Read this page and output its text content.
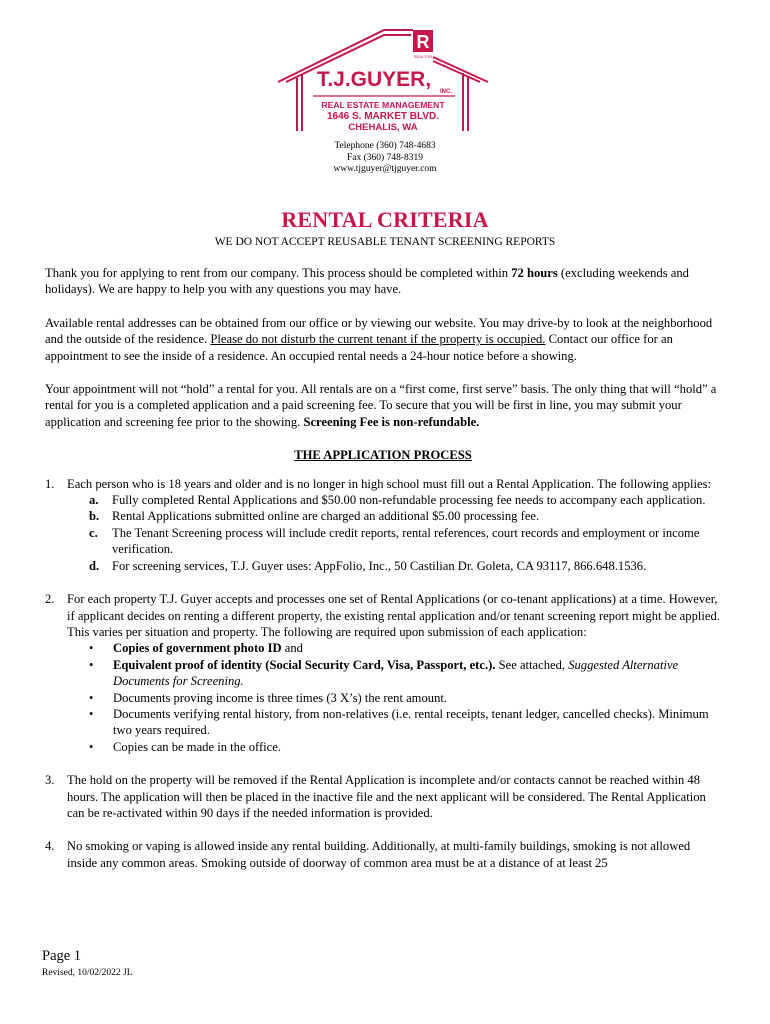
R
REALTOR
T.J.GUYER,
INC.
REAL ESTATE MANAGEMENT
1646 S. MARKET BLVD.
CHEHALIS, WA
Telephone (360) 748-4683
Fax (360) 748-8319
www.tjguyer@tjguyer.com
RENTAL CRITERIA
WE DO NOT ACCEPT REUSABLE TENANT SCREENING REPORTS

Thank you for applying to rent from our company. This process should be completed within 72 hours (excluding weekends and holidays). We are happy to help you with any questions you may have.

Available rental addresses can be obtained from our office or by viewing our website. You may drive-by to look at the neighborhood and the outside of the residence. Please do not disturb the current tenant if the property is occupied. Contact our office for an appointment to see the inside of a residence. An occupied rental needs a 24-hour notice before a showing.

Your appointment will not “hold” a rental for you. All rentals are on a “first come, first serve” basis. The only thing that will “hold” a rental for you is a completed application and a paid screening fee. To secure that you will be first in line, you may submit your application and screening fee prior to the showing. Screening Fee is non-refundable.

THE APPLICATION PROCESS
1. Each person who is 18 years and older and is no longer in high school must fill out a Rental Application. The following applies:
a. Fully completed Rental Applications and $50.00 non-refundable processing fee needs to accompany each application.
b. Rental Applications submitted online are charged an additional $5.00 processing fee.
c. The Tenant Screening process will include credit reports, rental references, court records and employment or income verification.
d. For screening services, T.J. Guyer uses: AppFolio, Inc., 50 Castilian Dr. Goleta, CA 93117, 866.648.1536.
2. For each property T.J. Guyer accepts and processes one set of Rental Applications (or co-tenant applications) at a time. However, if applicant decides on renting a different property, the existing rental application and/or tenant screening report might be applied. This varies per situation and property. The following are required upon submission of each application:
• Copies of government photo ID and
• Equivalent proof of identity (Social Security Card, Visa, Passport, etc.). See attached, Suggested Alternative Documents for Screening.
• Documents proving income is three times (3 X’s) the rent amount.
• Documents verifying rental history, from non-relatives (i.e. rental receipts, tenant ledger, cancelled checks). Minimum two years required.
• Copies can be made in the office.
3. The hold on the property will be removed if the Rental Application is incomplete and/or contacts cannot be reached within 48 hours. The application will then be placed in the inactive file and the next applicant will be considered. The Rental Application can be re-activated within 90 days if the needed information is provided.
4. No smoking or vaping is allowed inside any rental building. Additionally, at multi-family buildings, smoking is not allowed inside any common areas. Smoking outside of doorway of common area must be at a distance of at least 25
Page 1
Revised, 10/02/2022 JL
